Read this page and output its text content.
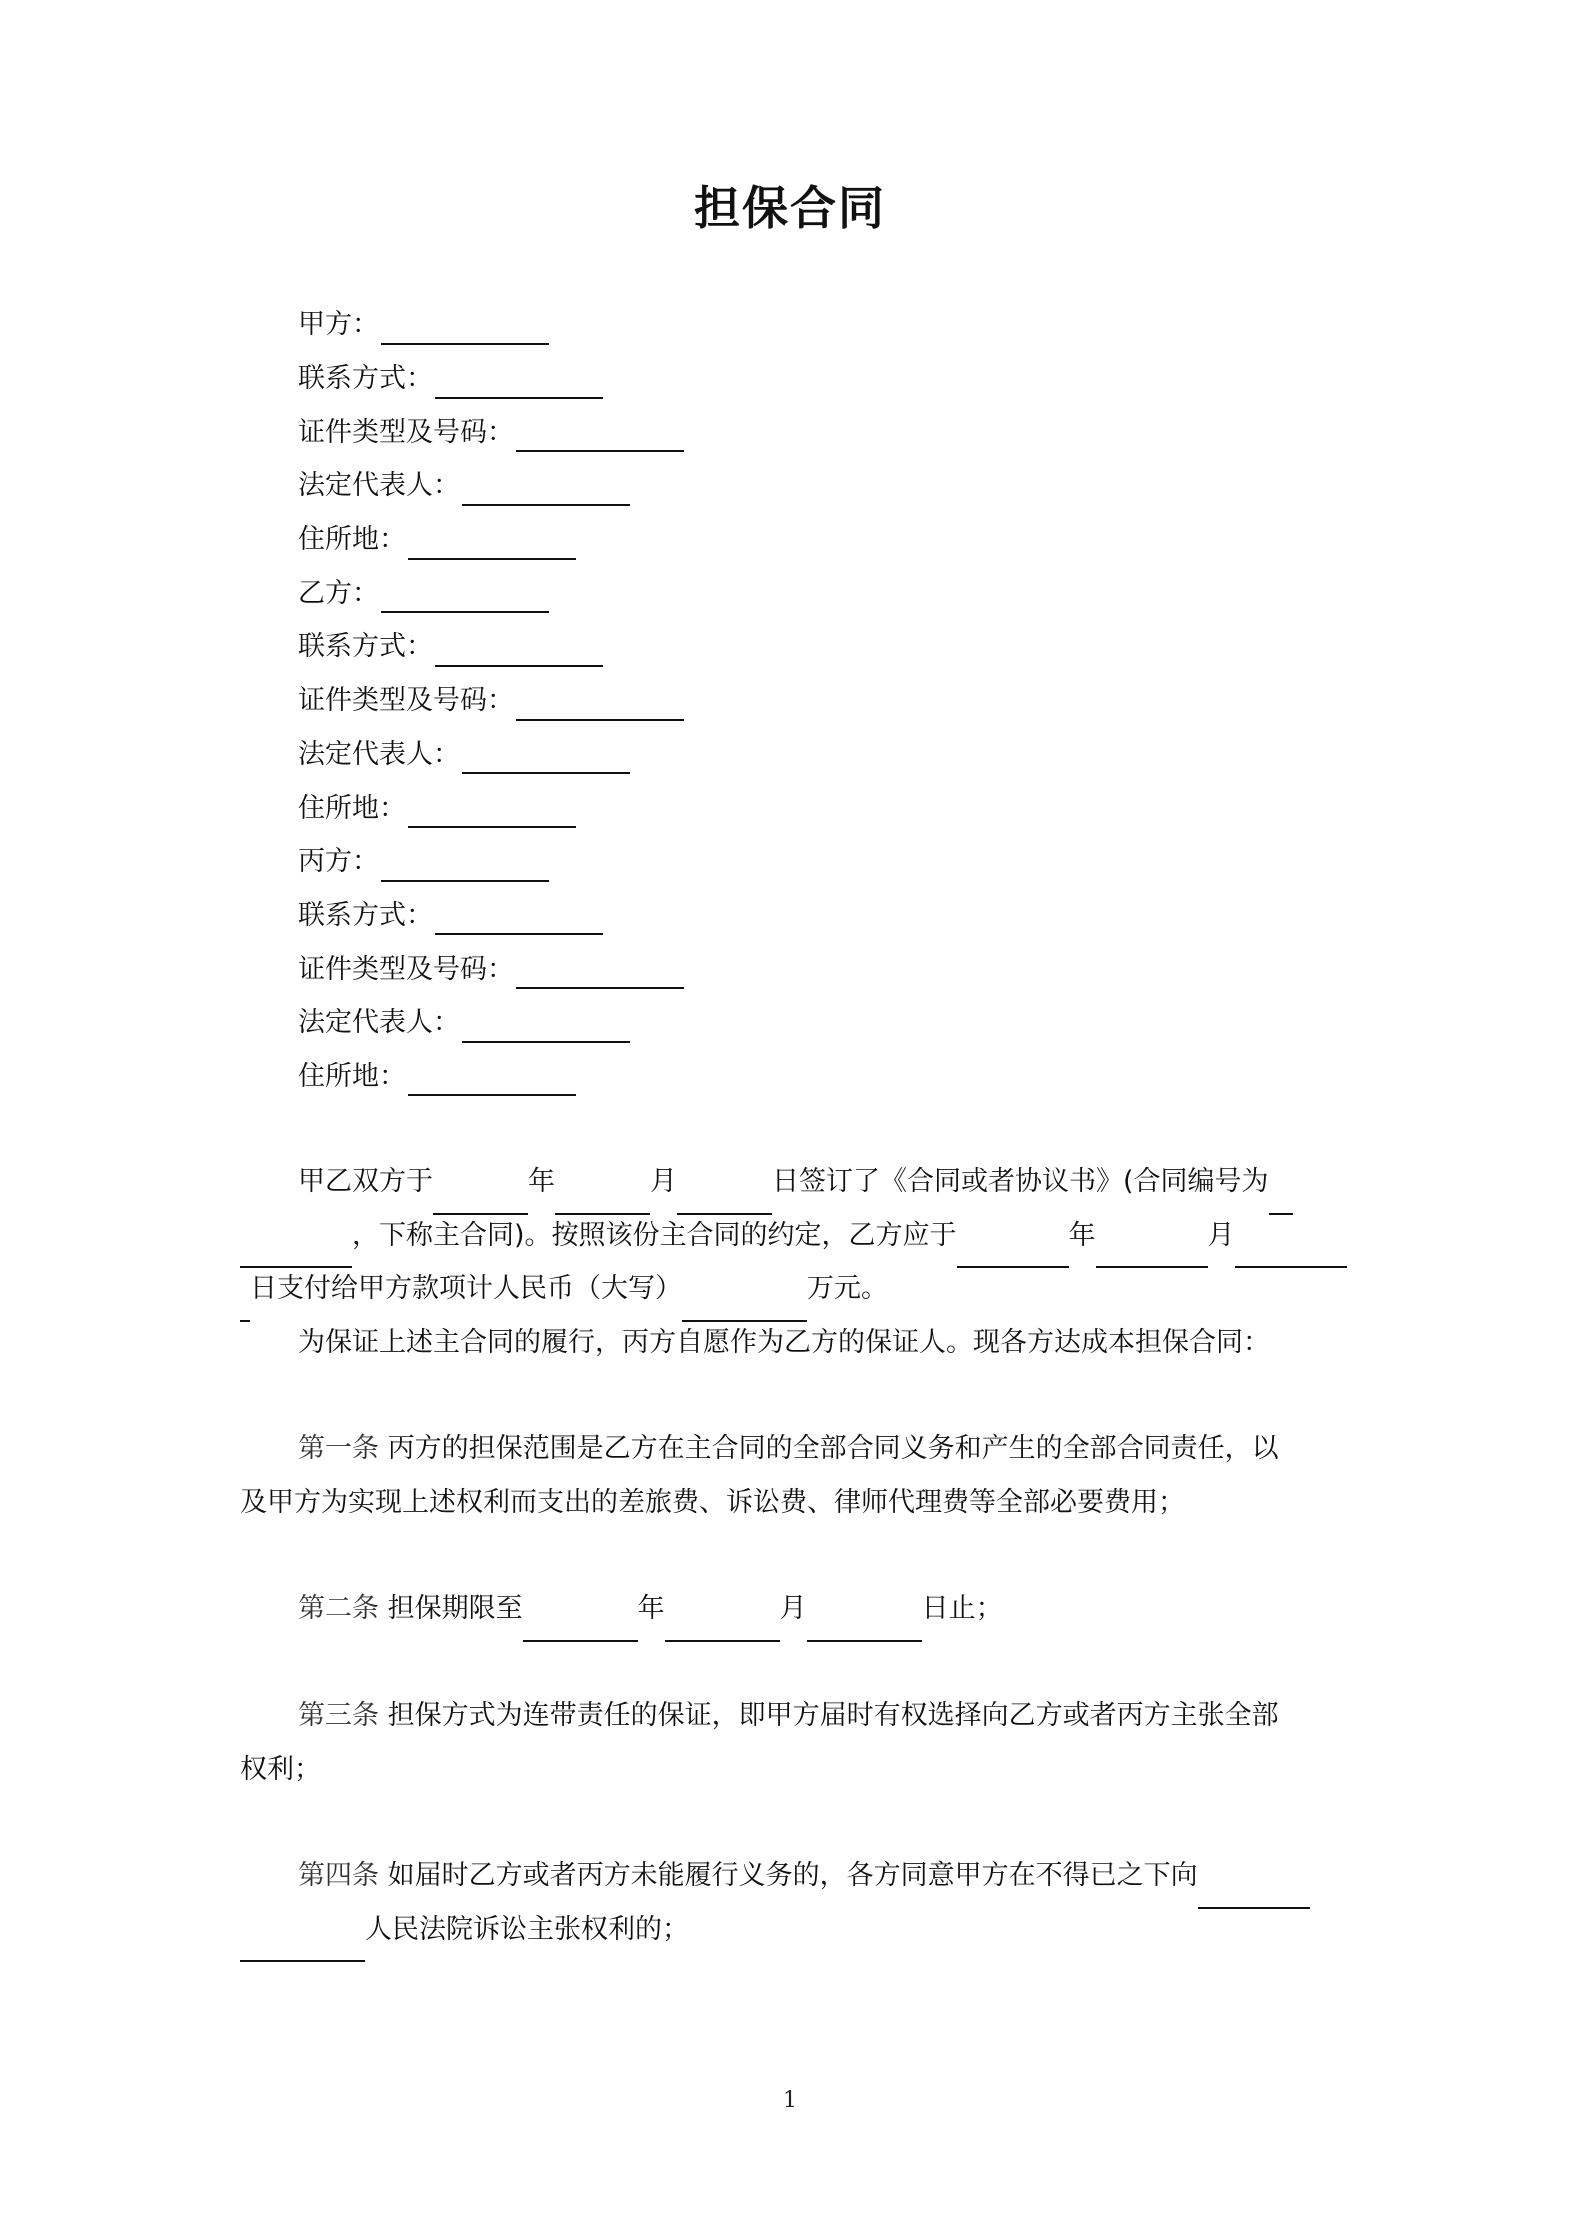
担保合同
甲方：
联系方式：
证件类型及号码：
法定代表人：
住所地：
乙方：
联系方式：
证件类型及号码：
法定代表人：
住所地：
丙方：
联系方式：
证件类型及号码：
法定代表人：
住所地：
甲乙双方于	年	月	日签订了《合同或者协议书》(合同编号为
，下称主合同)。按照该份主合同的约定，乙方应于	年	月
日支付给甲方款项计人民币（大写）	万元。
为保证上述主合同的履行，丙方自愿作为乙方的保证人。现各方达成本担保合同：
第一条 丙方的担保范围是乙方在主合同的全部合同义务和产生的全部合同责任，以
及甲方为实现上述权利而支出的差旅费、诉讼费、律师代理费等全部必要费用；
第二条 担保期限至	年	月	日止；
第三条 担保方式为连带责任的保证，即甲方届时有权选择向乙方或者丙方主张全部
权利；
第四条 如届时乙方或者丙方未能履行义务的，各方同意甲方在不得已之下向
人民法院诉讼主张权利的；
1
